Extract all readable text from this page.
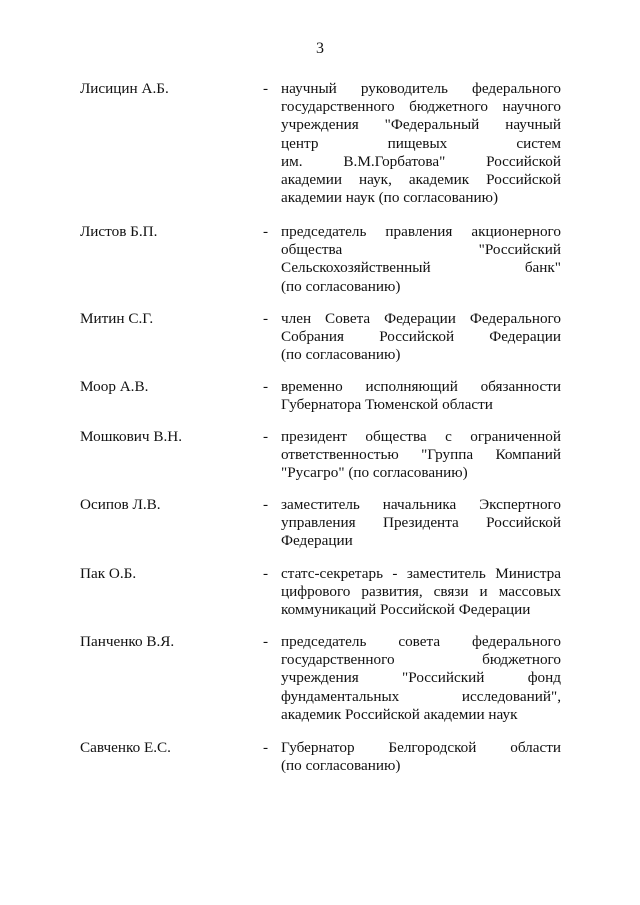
3
Лисицин А.Б.	- научный руководитель федерального
государственного бюджетного научного
учреждения "Федеральный научный
центр пищевых систем
им. В.М.Горбатова" Российской
академии наук, академик Российской
академии наук (по согласованию)
Листов Б.П.	- председатель правления акционерного
общества "Российский
Сельскохозяйственный банк"
(по согласованию)
Митин С.Г.	- член Совета Федерации Федерального
Собрания Российской Федерации
(по согласованию)
Моор А.В.	- временно исполняющий обязанности
Губернатора Тюменской области
Мошкович В.Н.	- президент общества с ограниченной
ответственностью "Группа Компаний
"Русагро" (по согласованию)
Осипов Л.В.	- заместитель начальника Экспертного
управления Президента Российской
Федерации
Пак О.Б.	- статс-секретарь - заместитель Министра
цифрового развития, связи и массовых
коммуникаций Российской Федерации
Панченко В.Я.	- председатель совета федерального
государственного бюджетного
учреждения "Российский фонд
фундаментальных исследований",
академик Российской академии наук
Савченко Е.С.	- Губернатор Белгородской области
(по согласованию)
